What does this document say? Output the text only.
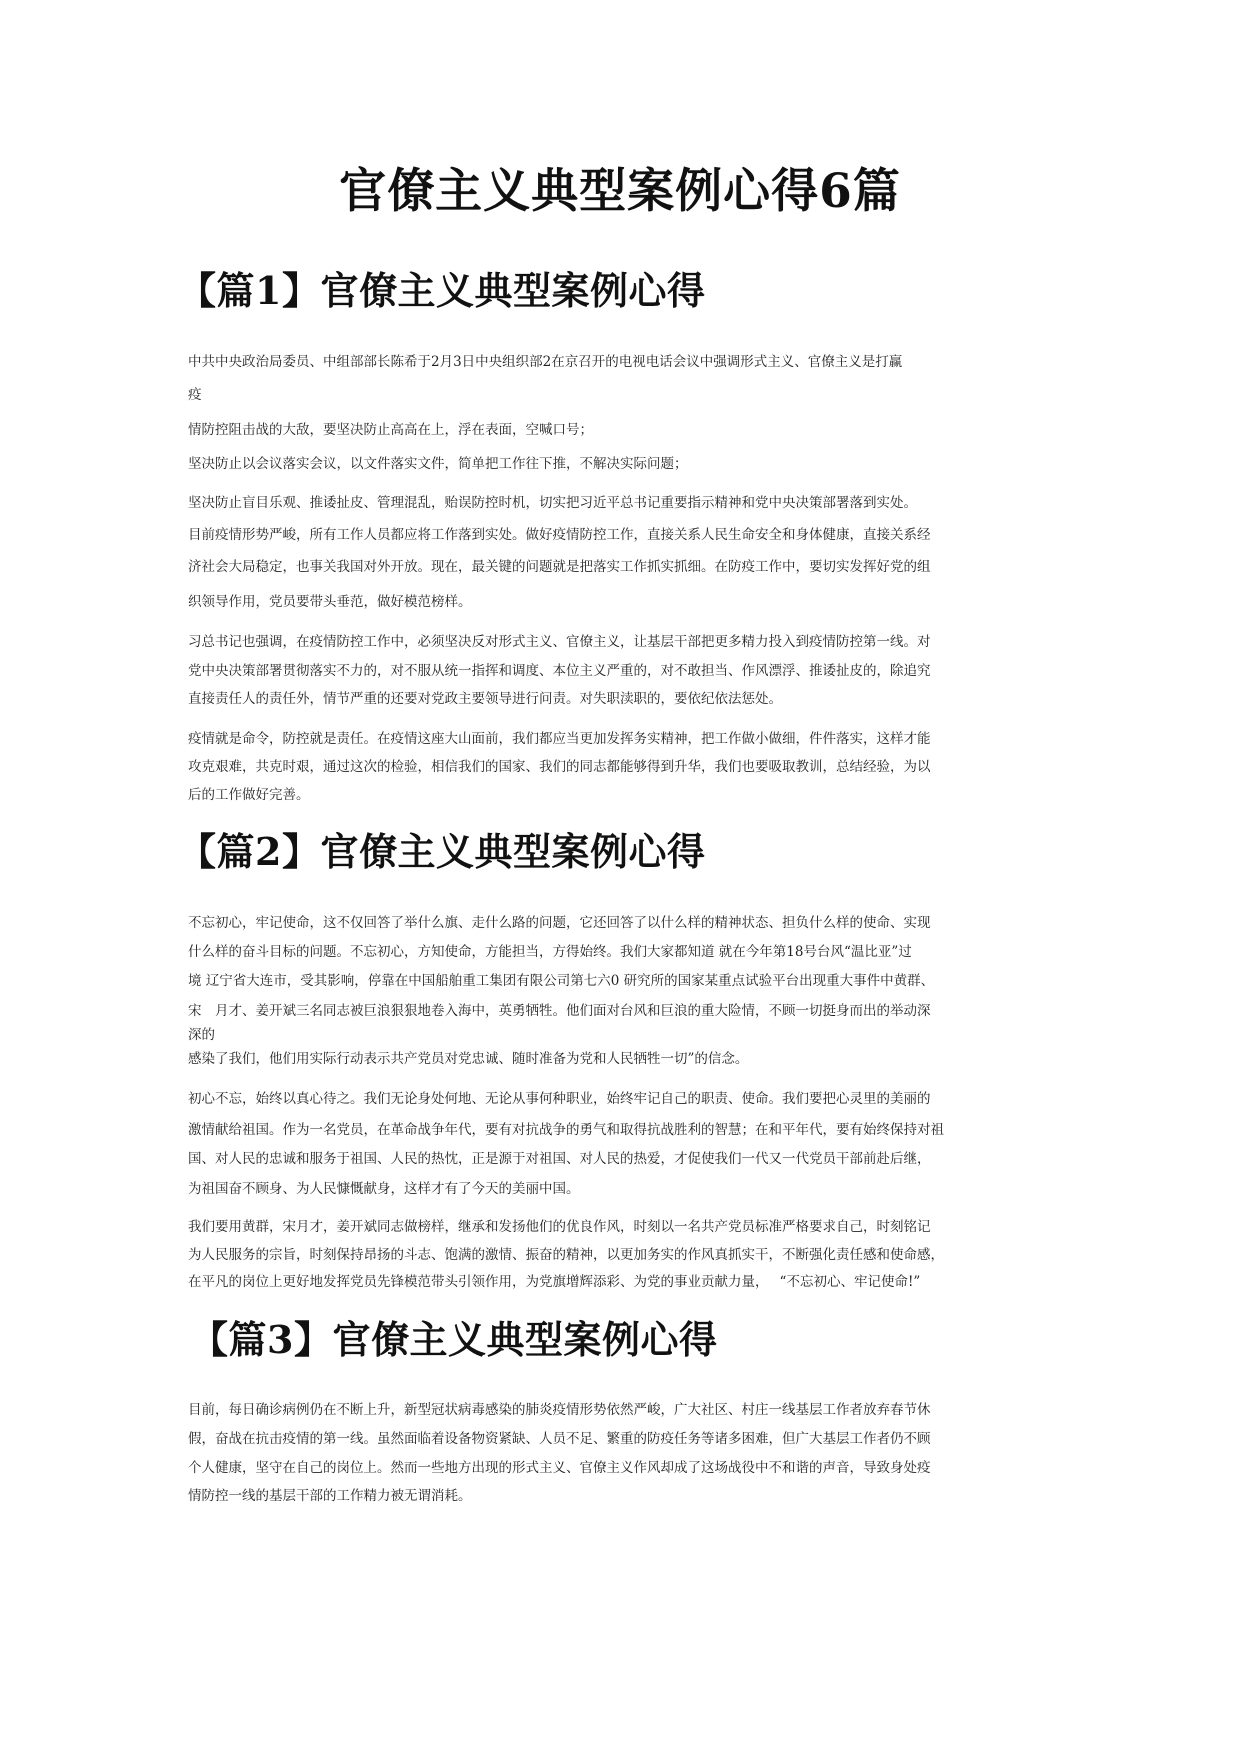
官僚主义典型案例心得6篇
【篇1】官僚主义典型案例心得

中共中央政治局委员、中组部部长陈希于2月3日中央组织部2在京召开的电视电话会议中强调形式主义、官僚主义是打赢

疫

情防控阻击战的大敌，要坚决防止高高在上，浮在表面，空喊口号；

坚决防止以会议落实会议，以文件落实文件，简单把工作往下推，不解决实际问题；

坚决防止盲目乐观、推诿扯皮、管理混乱，贻误防控时机，切实把习近平总书记重要指示精神和党中央决策部署落到实处。

目前疫情形势严峻，所有工作人员都应将工作落到实处。做好疫情防控工作，直接关系人民生命安全和身体健康，直接关系经

济社会大局稳定，也事关我国对外开放。现在，最关键的问题就是把落实工作抓实抓细。在防疫工作中，要切实发挥好党的组

织领导作用，党员要带头垂范，做好模范榜样。

习总书记也强调，在疫情防控工作中，必须坚决反对形式主义、官僚主义，让基层干部把更多精力投入到疫情防控第一线。对

党中央决策部署贯彻落实不力的，对不服从统一指挥和调度、本位主义严重的，对不敢担当、作风漂浮、推诿扯皮的，除追究

直接责任人的责任外，情节严重的还要对党政主要领导进行问责。对失职渎职的，要依纪依法惩处。

疫情就是命令，防控就是责任。在疫情这座大山面前，我们都应当更加发挥务实精神，把工作做小做细，件件落实，这样才能

攻克艰难，共克时艰，通过这次的检验，相信我们的国家、我们的同志都能够得到升华，我们也要吸取教训，总结经验，为以

后的工作做好完善。

【篇2】官僚主义典型案例心得

不忘初心，牢记使命，这不仅回答了举什么旗、走什么路的问题，它还回答了以什么样的精神状态、担负什么样的使命、实现

什么样的奋斗目标的问题。不忘初心，方知使命，方能担当，方得始终。我们大家都知道 就在今年第18号台风“温比亚”过

境 辽宁省大连市，受其影响，停靠在中国船舶重工集团有限公司第七六0 研究所的国家某重点试验平台出现重大事件中黄群、

宋　月才、姜开斌三名同志被巨浪狠狠地卷入海中，英勇牺牲。他们面对台风和巨浪的重大险情，不顾一切挺身而出的举动深

深的

感染了我们，他们用实际行动表示共产党员对党忠诚、随时准备为党和人民牺牲一切”的信念。

初心不忘，始终以真心待之。我们无论身处何地、无论从事何种职业，始终牢记自己的职责、使命。我们要把心灵里的美丽的

激情献给祖国。作为一名党员，在革命战争年代，要有对抗战争的勇气和取得抗战胜利的智慧；在和平年代，要有始终保持对祖

国、对人民的忠诚和服务于祖国、人民的热忱，正是源于对祖国、对人民的热爱，才促使我们一代又一代党员干部前赴后继，

为祖国奋不顾身、为人民慷慨献身，这样才有了今天的美丽中国。

我们要用黄群，宋月才，姜开斌同志做榜样，继承和发扬他们的优良作风，时刻以一名共产党员标准严格要求自己，时刻铭记

为人民服务的宗旨，时刻保持昂扬的斗志、饱满的激情、振奋的精神，以更加务实的作风真抓实干，不断强化责任感和使命感，

在平凡的岗位上更好地发挥党员先锋模范带头引领作用，为党旗增辉添彩、为党的事业贡献力量，　 “不忘初心、牢记使命!”

【篇3】官僚主义典型案例心得

目前，每日确诊病例仍在不断上升，新型冠状病毒感染的肺炎疫情形势依然严峻，广大社区、村庄一线基层工作者放弃春节休

假，奋战在抗击疫情的第一线。虽然面临着设备物资紧缺、人员不足、繁重的防疫任务等诸多困难，但广大基层工作者仍不顾

个人健康，坚守在自己的岗位上。然而一些地方出现的形式主义、官僚主义作风却成了这场战役中不和谐的声音，导致身处疫

情防控一线的基层干部的工作精力被无谓消耗。
